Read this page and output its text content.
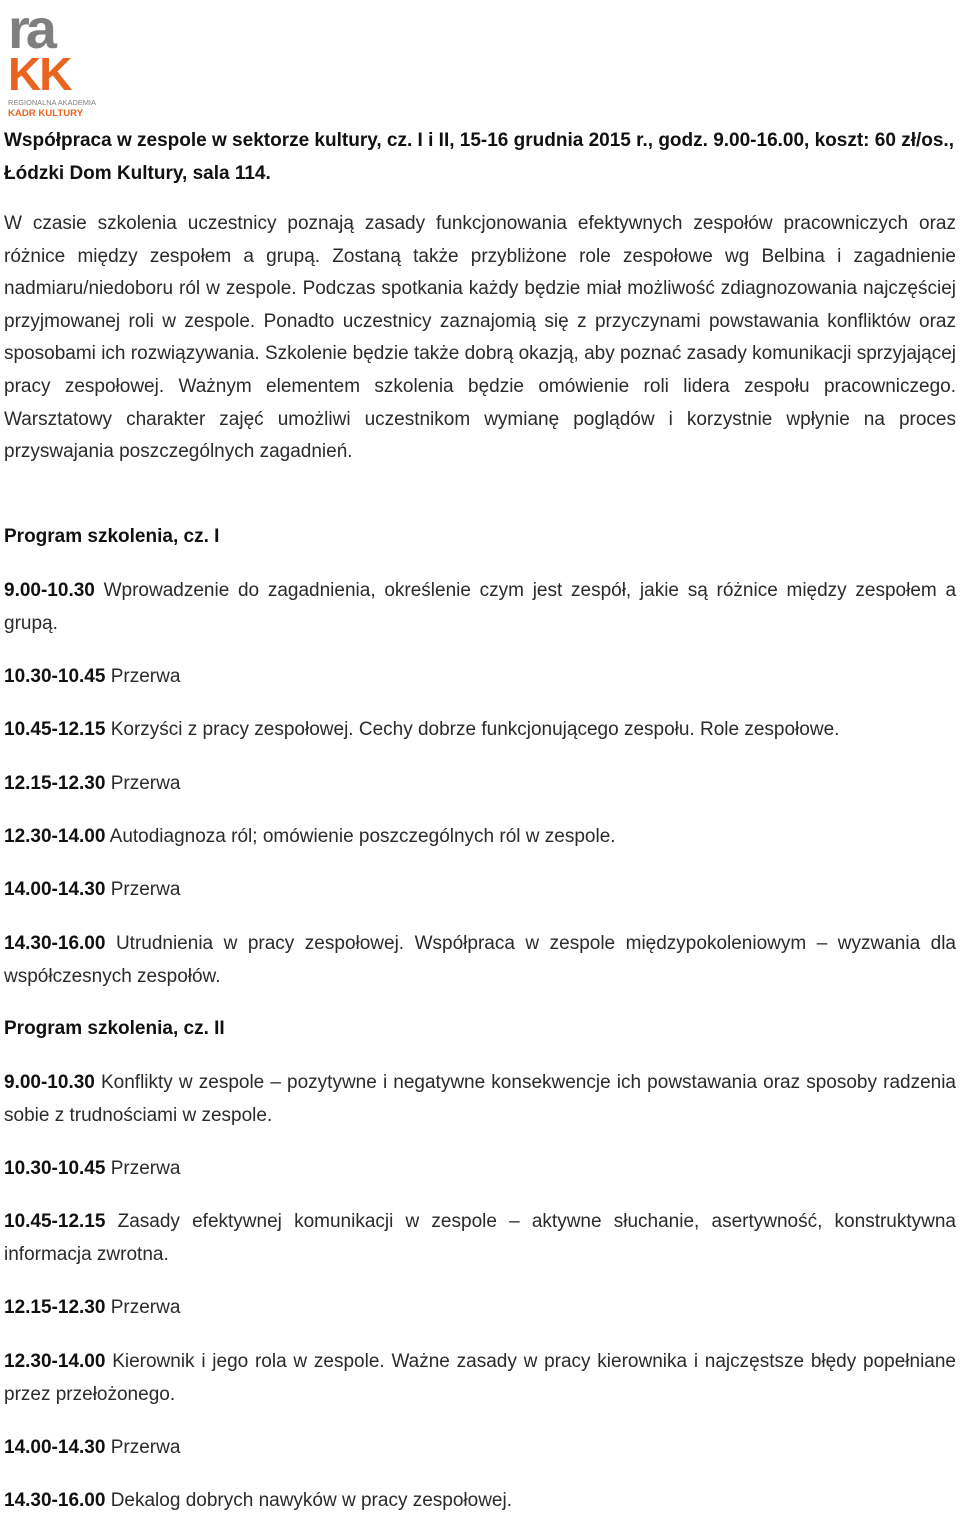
ra
KK
REGIONALNA AKADEMIA
KADR KULTURY
Współpraca w zespole w sektorze kultury, cz. I i II, 15-16 grudnia 2015 r., godz. 9.00-16.00, koszt: 60 zł/os., Łódzki Dom Kultury, sala 114.
W czasie szkolenia uczestnicy poznają zasady funkcjonowania efektywnych zespołów pracowniczych oraz różnice między zespołem a grupą. Zostaną także przybliżone role zespołowe wg Belbina i zagadnienie nadmiaru/niedoboru ról w zespole. Podczas spotkania każdy będzie miał możliwość zdiagnozowania najczęściej przyjmowanej roli w zespole. Ponadto uczestnicy zaznajomią się z przyczynami powstawania konfliktów oraz sposobami ich rozwiązywania. Szkolenie będzie także dobrą okazją, aby poznać zasady komunikacji sprzyjającej pracy zespołowej. Ważnym elementem szkolenia będzie omówienie roli lidera zespołu pracowniczego. Warsztatowy charakter zajęć umożliwi uczestnikom wymianę poglądów i korzystnie wpłynie na proces przyswajania poszczególnych zagadnień.
Program szkolenia, cz. I
9.00-10.30 Wprowadzenie do zagadnienia, określenie czym jest zespół, jakie są różnice między zespołem a grupą.
10.30-10.45 Przerwa
10.45-12.15 Korzyści z pracy zespołowej. Cechy dobrze funkcjonującego zespołu. Role zespołowe.
12.15-12.30 Przerwa
12.30-14.00 Autodiagnoza ról; omówienie poszczególnych ról w zespole.
14.00-14.30 Przerwa
14.30-16.00 Utrudnienia w pracy zespołowej. Współpraca w zespole międzypokoleniowym – wyzwania dla współczesnych zespołów.
Program szkolenia, cz. II
9.00-10.30 Konflikty w zespole – pozytywne i negatywne konsekwencje ich powstawania oraz sposoby radzenia sobie z trudnościami w zespole.
10.30-10.45 Przerwa
10.45-12.15 Zasady efektywnej komunikacji w zespole – aktywne słuchanie, asertywność, konstruktywna informacja zwrotna.
12.15-12.30 Przerwa
12.30-14.00 Kierownik i jego rola w zespole. Ważne zasady w pracy kierownika i najczęstsze błędy popełniane przez przełożonego.
14.00-14.30 Przerwa
14.30-16.00 Dekalog dobrych nawyków w pracy zespołowej.
